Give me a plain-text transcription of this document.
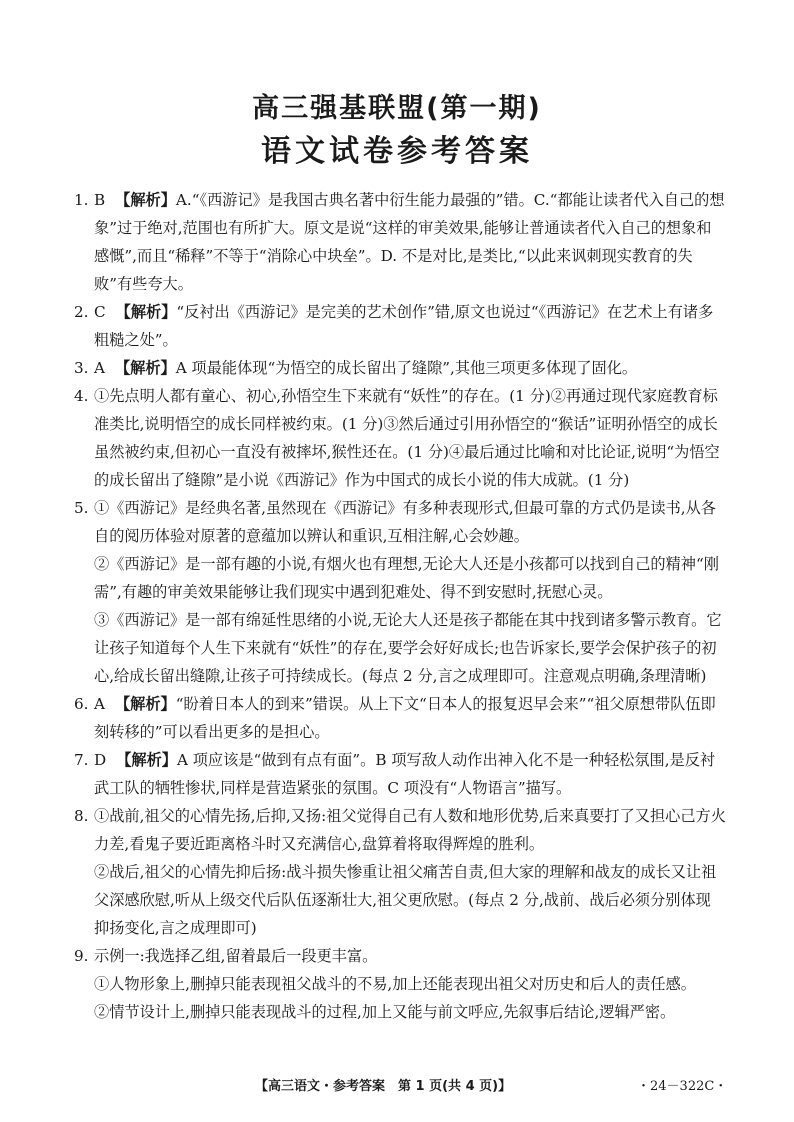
高三强基联盟(第一期)
语文试卷参考答案
1. B 【解析】A.“《西游记》是我国古典名著中衍生能力最强的”错。C.“都能让读者代入自己的想象”过于绝对,范围也有所扩大。原文是说“这样的审美效果,能够让普通读者代入自己的想象和感慨”,而且“稀释”不等于“消除心中块垒”。D. 不是对比,是类比,“以此来讽刺现实教育的失败”有些夸大。
2. C 【解析】“反衬出《西游记》是完美的艺术创作”错,原文也说过“《西游记》在艺术上有诸多粗糙之处”。
3. A 【解析】A 项最能体现“为悟空的成长留出了缝隙”,其他三项更多体现了固化。
4. ①先点明人都有童心、初心,孙悟空生下来就有“妖性”的存在。(1 分)②再通过现代家庭教育标准类比,说明悟空的成长同样被约束。(1 分)③然后通过引用孙悟空的“猴话”证明孙悟空的成长虽然被约束,但初心一直没有被摔坏,猴性还在。(1 分)④最后通过比喻和对比论证,说明“为悟空的成长留出了缝隙”是小说《西游记》作为中国式的成长小说的伟大成就。(1 分)
5. ①《西游记》是经典名著,虽然现在《西游记》有多种表现形式,但最可靠的方式仍是读书,从各自的阅历体验对原著的意蕴加以辨认和重识,互相注解,心会妙趣。
②《西游记》是一部有趣的小说,有烟火也有理想,无论大人还是小孩都可以找到自己的精神“刚需”,有趣的审美效果能够让我们现实中遇到犯难处、得不到安慰时,抚慰心灵。
③《西游记》是一部有绵延性思绪的小说,无论大人还是孩子都能在其中找到诸多警示教育。它让孩子知道每个人生下来就有“妖性”的存在,要学会好好成长;也告诉家长,要学会保护孩子的初心,给成长留出缝隙,让孩子可持续成长。(每点 2 分,言之成理即可。注意观点明确,条理清晰)
6. A 【解析】“盼着日本人的到来”错误。从上下文“日本人的报复迟早会来”“祖父原想带队伍即刻转移的”可以看出更多的是担心。
7. D 【解析】A 项应该是“做到有点有面”。B 项写敌人动作出神入化不是一种轻松氛围,是反衬武工队的牺牲惨状,同样是营造紧张的氛围。C 项没有“人物语言”描写。
8. ①战前,祖父的心情先扬,后抑,又扬:祖父觉得自己有人数和地形优势,后来真要打了又担心己方火力差,看鬼子要近距离格斗时又充满信心,盘算着将取得辉煌的胜利。
②战后,祖父的心情先抑后扬:战斗损失惨重让祖父痛苦自责,但大家的理解和战友的成长又让祖父深感欣慰,听从上级交代后队伍逐渐壮大,祖父更欣慰。(每点 2 分,战前、战后必须分别体现抑扬变化,言之成理即可)
9. 示例一:我选择乙组,留着最后一段更丰富。
①人物形象上,删掉只能表现祖父战斗的不易,加上还能表现出祖父对历史和后人的责任感。
②情节设计上,删掉只能表现战斗的过程,加上又能与前文呼应,先叙事后结论,逻辑严密。
【高三语文・参考答案　第 1 页(共 4 页)】	・24－322C・
